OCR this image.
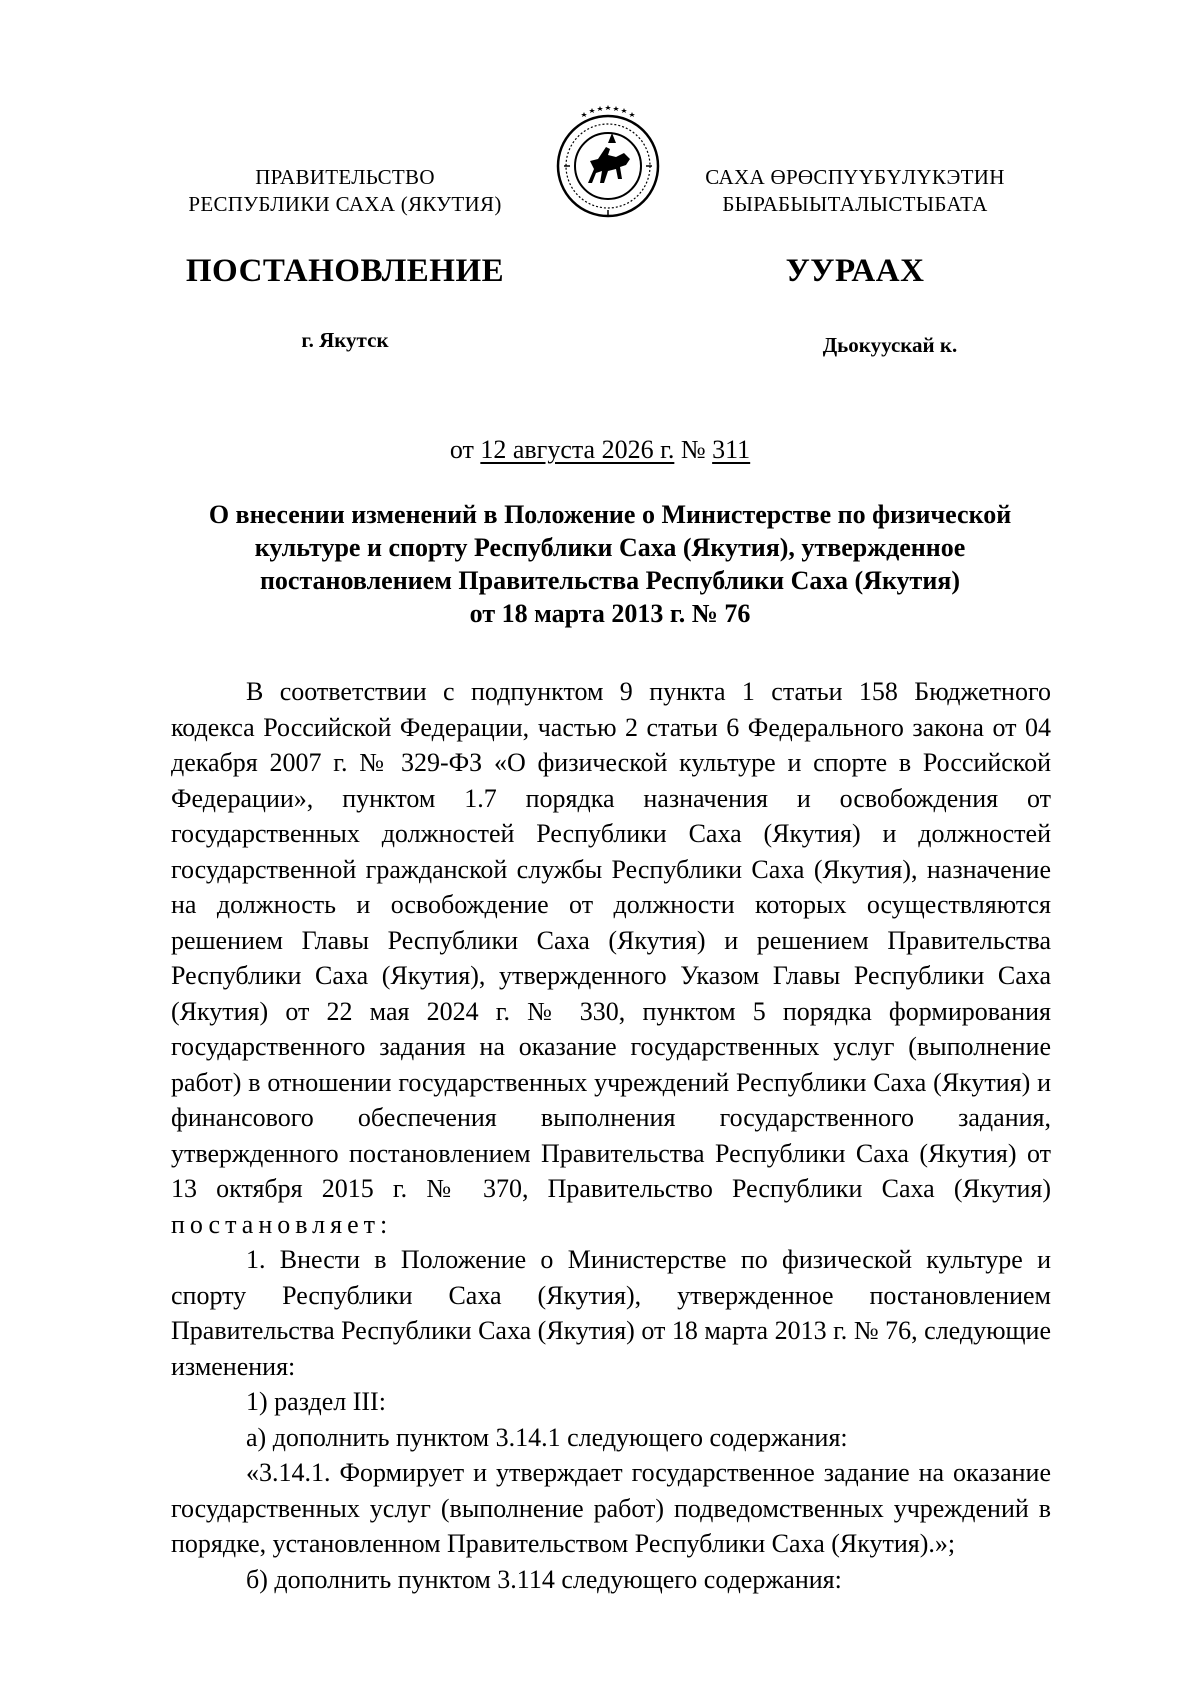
ПРАВИТЕЛЬСТВО
РЕСПУБЛИКИ САХА (ЯКУТИЯ)
САХА ӨРӨСПҮҮБҮЛҮКЭТИН
БЫРАБЫЫТАЛЫСТЫБАТА
ПОСТАНОВЛЕНИЕ	УУРААХ
г. Якутск	Дьокуускай к.
от 12 августа 2026 г. № 311
О внесении изменений в Положение о Министерстве по физической
культуре и спорту Республики Саха (Якутия), утвержденное
постановлением Правительства Республики Саха (Якутия)
от 18 марта 2013 г. № 76

В соответствии с подпунктом 9 пункта 1 статьи 158 Бюджетного кодекса Российской Федерации, частью 2 статьи 6 Федерального закона от 04 декабря 2007 г. № 329-ФЗ «О физической культуре и спорте в Российской Федерации», пунктом 1.7 порядка назначения и освобождения от государственных должностей Республики Саха (Якутия) и должностей государственной гражданской службы Республики Саха (Якутия), назначение на должность и освобождение от должности которых осуществляются решением Главы Республики Саха (Якутия) и решением Правительства Республики Саха (Якутия), утвержденного Указом Главы Республики Саха (Якутия) от 22 мая 2024 г. № 330, пунктом 5 порядка формирования государственного задания на оказание государственных услуг (выполнение работ) в отношении государственных учреждений Республики Саха (Якутия) и финансового обеспечения выполнения государственного задания, утвержденного постановлением Правительства Республики Саха (Якутия) от 13 октября 2015 г. № 370, Правительство Республики Саха (Якутия) постановляет:

1. Внести в Положение о Министерстве по физической культуре и спорту Республики Саха (Якутия), утвержденное постановлением Правительства Республики Саха (Якутия) от 18 марта 2013 г. № 76, следующие изменения:

1) раздел III:

а) дополнить пунктом 3.14.1 следующего содержания:

«3.14.1. Формирует и утверждает государственное задание на оказание государственных услуг (выполнение работ) подведомственных учреждений в порядке, установленном Правительством Республики Саха (Якутия).»;

б) дополнить пунктом 3.114 следующего содержания:
